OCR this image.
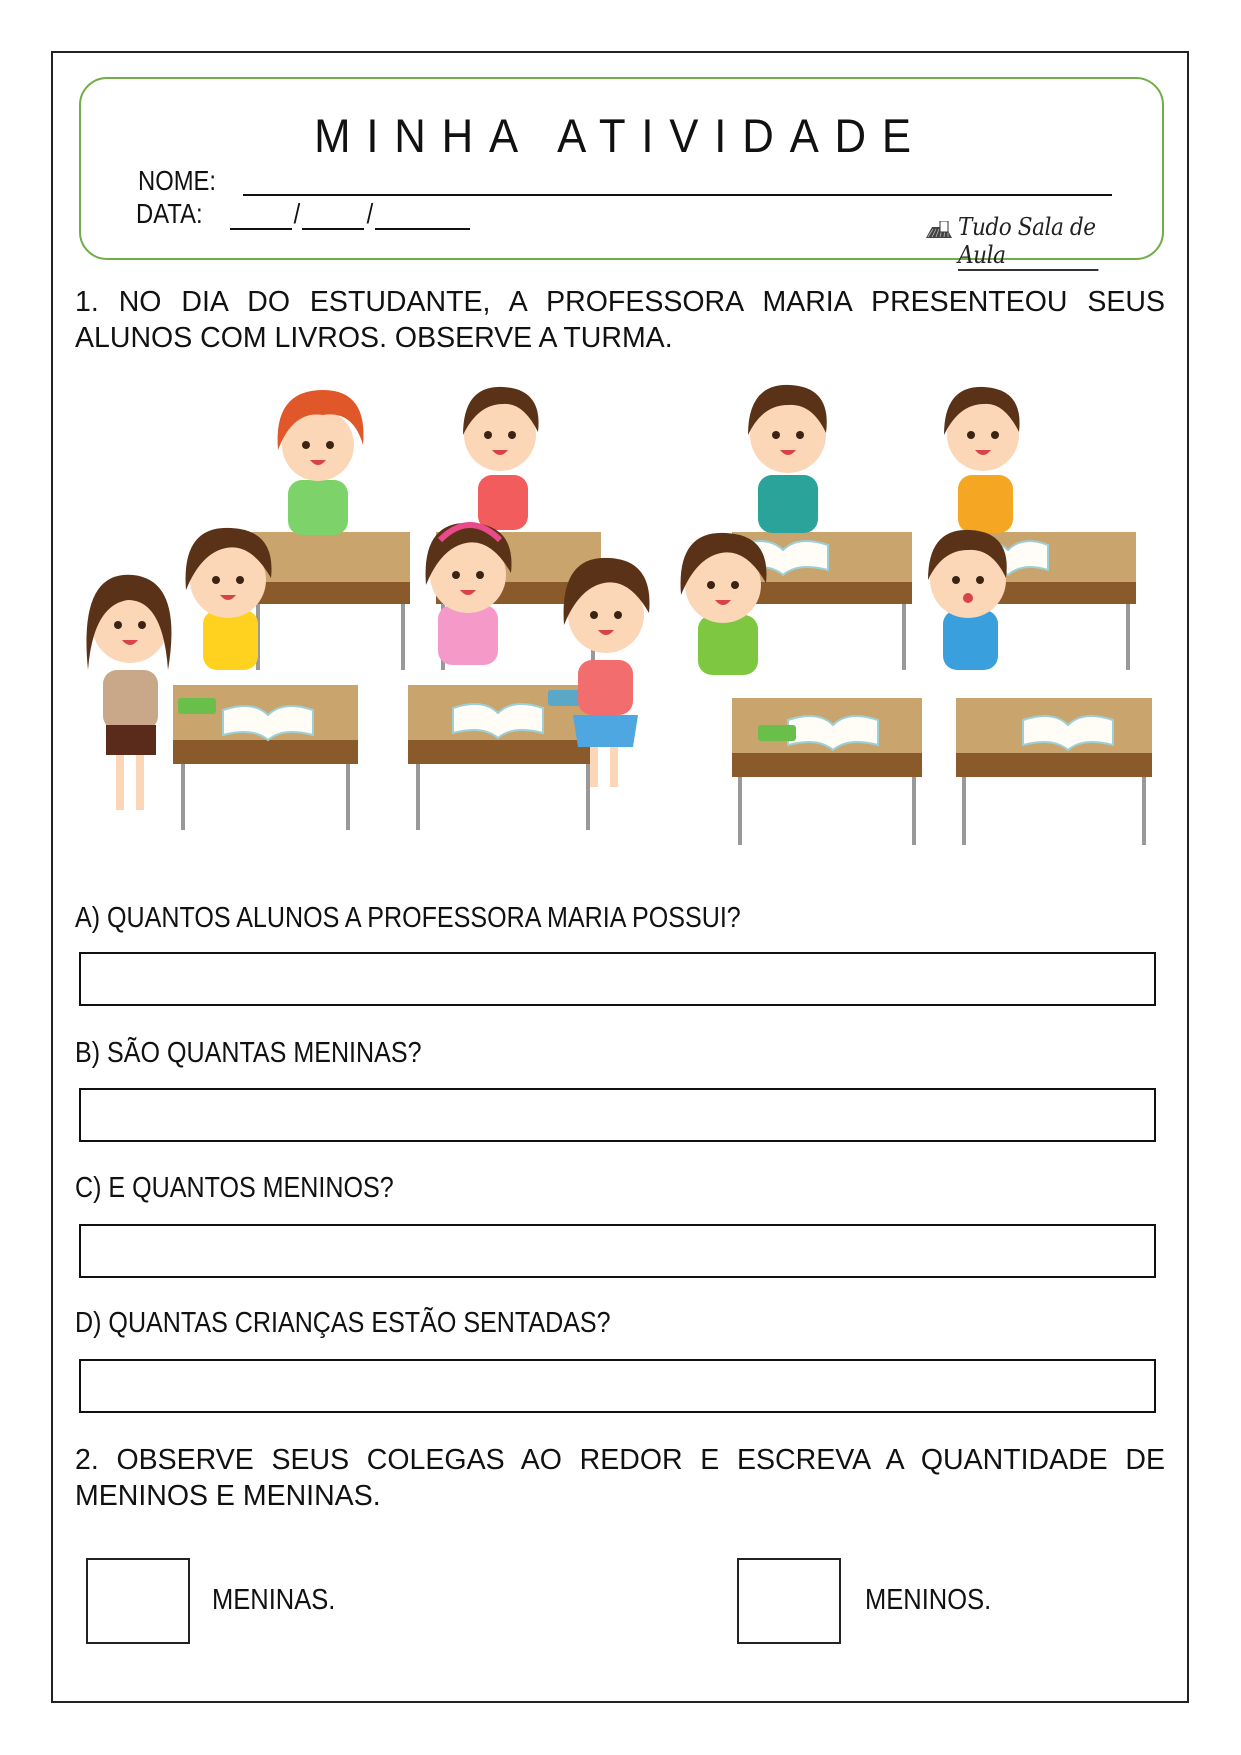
MINHA ATIVIDADE
NOME:
DATA:	/ /	Tudo Sala de Aula
1. NO DIA DO ESTUDANTE, A PROFESSORA MARIA PRESENTEOU SEUS ALUNOS COM LIVROS. OBSERVE A TURMA.
A) QUANTOS ALUNOS A PROFESSORA MARIA POSSUI?
B) SÃO QUANTAS MENINAS?
C) E QUANTOS MENINOS?
D) QUANTAS CRIANÇAS ESTÃO SENTADAS?
2. OBSERVE SEUS COLEGAS AO REDOR E ESCREVA A QUANTIDADE DE MENINOS E MENINAS.
MENINAS.	MENINOS.
